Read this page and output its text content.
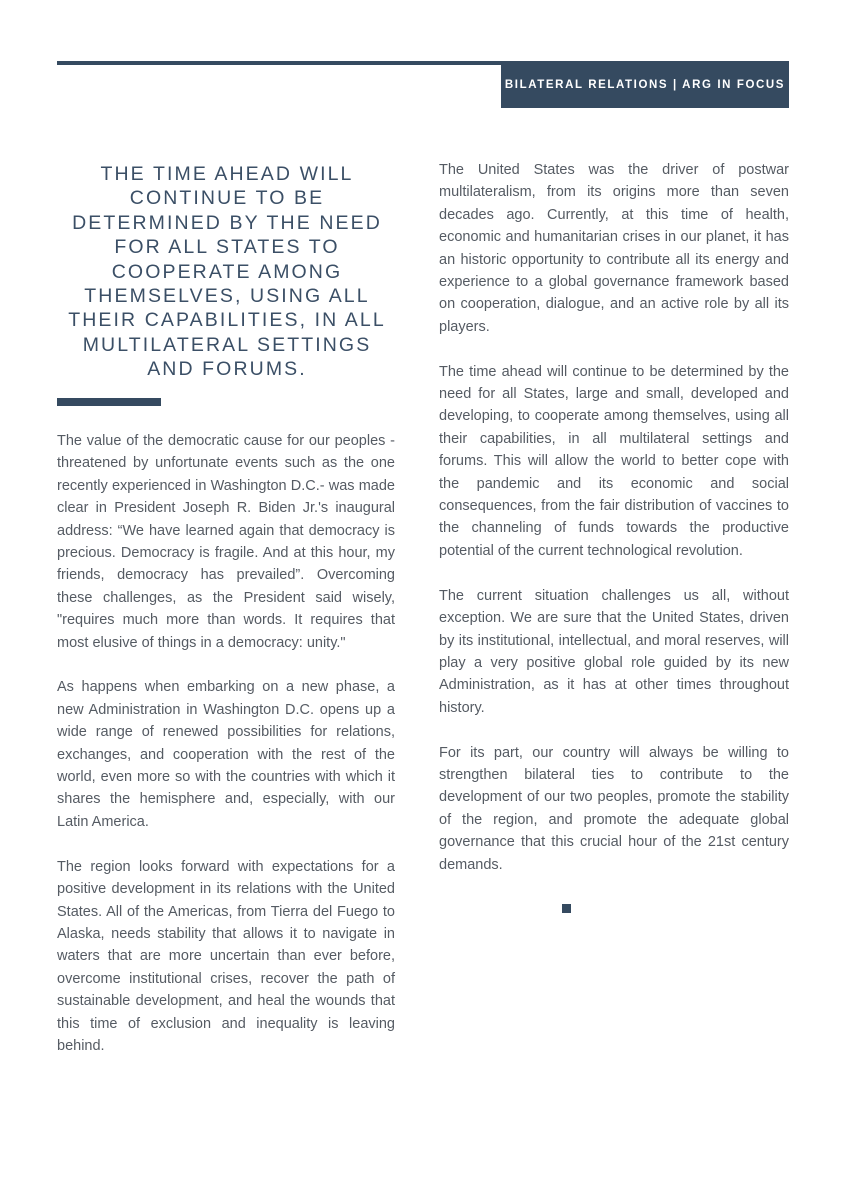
BILATERAL RELATIONS | ARG IN FOCUS
THE TIME AHEAD WILL CONTINUE TO BE DETERMINED BY THE NEED FOR ALL STATES TO COOPERATE AMONG THEMSELVES, USING ALL THEIR CAPABILITIES, IN ALL MULTILATERAL SETTINGS AND FORUMS.

The value of the democratic cause for our peoples -threatened by unfortunate events such as the one recently experienced in Washington D.C.- was made clear in President Joseph R. Biden Jr.'s inaugural address: “We have learned again that democracy is precious. Democracy is fragile. And at this hour, my friends, democracy has prevailed”. Overcoming these challenges, as the President said wisely, "requires much more than words. It requires that most elusive of things in a democracy: unity."

As happens when embarking on a new phase, a new Administration in Washington D.C. opens up a wide range of renewed possibilities for relations, exchanges, and cooperation with the rest of the world, even more so with the countries with which it shares the hemisphere and, especially, with our Latin America.

The region looks forward with expectations for a positive development in its relations with the United States. All of the Americas, from Tierra del Fuego to Alaska, needs stability that allows it to navigate in waters that are more uncertain than ever before, overcome institutional crises, recover the path of sustainable development, and heal the wounds that this time of exclusion and inequality is leaving behind.

The United States was the driver of postwar multilateralism, from its origins more than seven decades ago. Currently, at this time of health, economic and humanitarian crises in our planet, it has an historic opportunity to contribute all its energy and experience to a global governance framework based on cooperation, dialogue, and an active role by all its players.

The time ahead will continue to be determined by the need for all States, large and small, developed and developing, to cooperate among themselves, using all their capabilities, in all multilateral settings and forums. This will allow the world to better cope with the pandemic and its economic and social consequences, from the fair distribution of vaccines to the channeling of funds towards the productive potential of the current technological revolution.

The current situation challenges us all, without exception. We are sure that the United States, driven by its institutional, intellectual, and moral reserves, will play a very positive global role guided by its new Administration, as it has at other times throughout history.

For its part, our country will always be willing to strengthen bilateral ties to contribute to the development of our two peoples, promote the stability of the region, and promote the adequate global governance that this crucial hour of the 21st century demands.
